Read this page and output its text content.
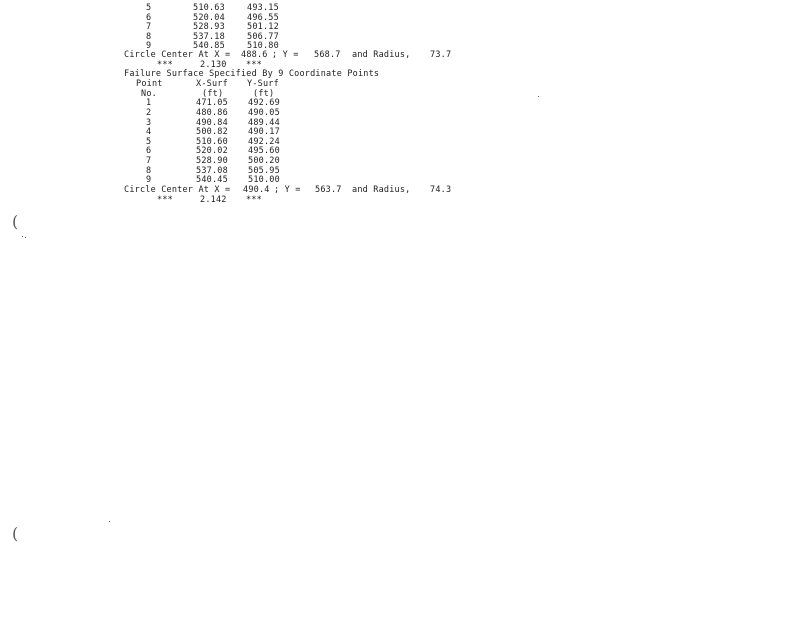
5	510.63	493.15
6	520.04	496.55
7	528.93	501.12
8	537.18	506.77
9	540.85	510.80
Circle Center At X = 488.6 ; Y = 568.7 and Radius, 73.7
***	2.130 ***
Failure Surface Specified By 9 Coordinate Points
Point	X-Surf Y-Surf
No.	(ft)	(ft)
1	471.05 492.69
2	480.86 490.05
3	490.84 489.44
4	500.82 490.17
5	510.60 492.24
6	520.02 495.60
7	528.90 500.20
8	537.08 505.95
9	540.45 510.00
Circle Center At X = 490.4 ; Y = 563.7 and Radius, 74.3
***	2.142 ***
(
(
